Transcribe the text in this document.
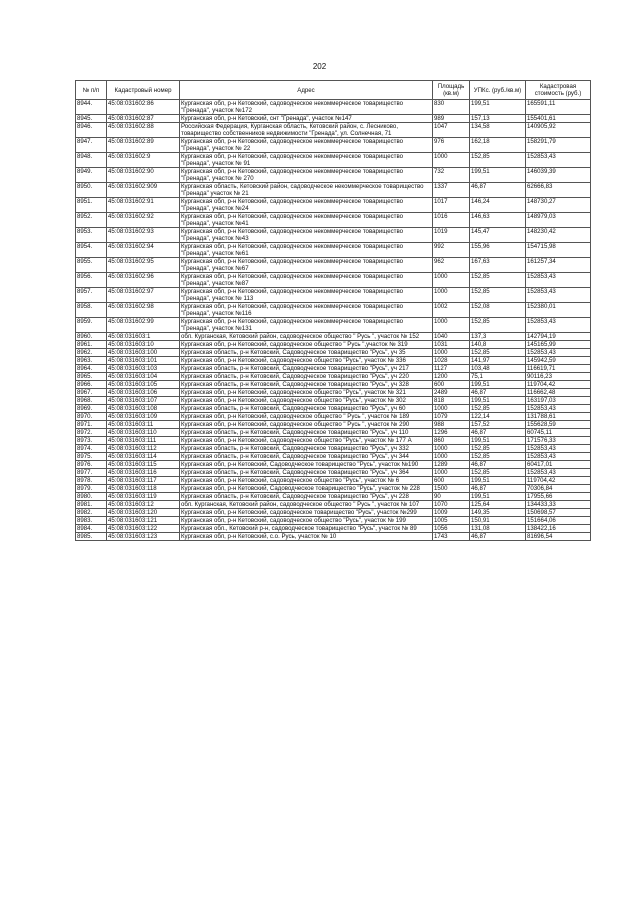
202
№ п/п	Кадастровый номер	Адрес	Площадь (кв.м)	УПКс. (руб./кв.м)	Кадастровая стоимость (руб.)
8944.	45:08:031602:86	Курганская обл, р-н Кетовский, садоводческое некоммерческое товарищество "Гренада", участок №172	830	199,51	165591,11
8945.	45:08:031602:87	Курганская обл, р-н Кетовский, снт "Гренада", участок №147	989	157,13	155401,61
8946.	45:08:031602:88	Российская Федерация, Курганская область, Кетовский район, с. Лесниково, товарищество собственников недвижимости "Гренада", ул. Солнечная, 71	1047	134,58	140905,92
8947.	45:08:031602:89	Курганская обл, р-н Кетовский, садоводческое некоммерческое товарищество "Гренада", участок № 22	976	162,18	158291,79
8948.	45:08:031602:9	Курганская обл, р-н Кетовский, садоводческое некоммерческое товарищество "Гренада", участок № 91	1000	152,85	152853,43
8949.	45:08:031602:90	Курганская обл, р-н Кетовский, садоводческое некоммерческое товарищество "Гренада", участок № 270	732	199,51	146039,39
8950.	45:08:031602:909	Курганская область, Кетовский район, садоводческое некоммерческое товарищество "Гренада" участок № 21	1337	46,87	62666,83
8951.	45:08:031602:91	Курганская обл, р-н Кетовский, садоводческое некоммерческое товарищество "Гренада", участок №24	1017	146,24	148730,27
8952.	45:08:031602:92	Курганская обл, р-н Кетовский, садоводческое некоммерческое товарищество "Гренада", участок №41	1016	146,63	148979,03
8953.	45:08:031602:93	Курганская обл, р-н Кетовский, садоводческое некоммерческое товарищество "Гренада", участок №43	1019	145,47	148230,42
8954.	45:08:031602:94	Курганская обл, р-н Кетовский, садоводческое некоммерческое товарищество "Гренада", участок №61	992	155,96	154715,98
8955.	45:08:031602:95	Курганская обл, р-н Кетовский, садоводческое некоммерческое товарищество "Гренада", участок №67	962	167,63	161257,34
8956.	45:08:031602:96	Курганская обл, р-н Кетовский, садоводческое некоммерческое товарищество "Гренада", участок №87	1000	152,85	152853,43
8957.	45:08:031602:97	Курганская обл, р-н Кетовский, садоводческое некоммерческое товарищество "Гренада", участок № 113	1000	152,85	152853,43
8958.	45:08:031602:98	Курганская обл, р-н Кетовский, садоводческое некоммерческое товарищество "Гренада", участок №116	1002	152,08	152380,01
8959.	45:08:031602:99	Курганская обл, р-н Кетовский, садоводческое некоммерческое товарищество "Гренада", участок №131	1000	152,85	152853,43
8960.	45:08:031603:1	обл. Курганская, Кетовский район, садоводческое общество " Русь ", участок № 152	1040	137,3	142794,19
8961.	45:08:031603:10	Курганская обл, р-н Кетовский, садоводческое общество " Русь ",участок № 319	1031	140,8	145165,99
8962.	45:08:031603:100	Курганская область, р-н Кетовский, Садоводческое товарищество "Русь", уч 35	1000	152,85	152853,43
8963.	45:08:031603:101	Курганская обл, р-н Кетовский, садоводческое общество "Русь", участок № 336	1028	141,97	145942,59
8964.	45:08:031603:103	Курганская область, р-н Кетовский, Садоводческое товарищество "Русь", уч 217	1127	103,48	116619,71
8965.	45:08:031603:104	Курганская область, р-н Кетовский, Садоводческое товарищество "Русь", уч 220	1200	75,1	90116,23
8966.	45:08:031603:105	Курганская область, р-н Кетовский, Садоводческое товарищество "Русь", уч 328	600	199,51	119704,42
8967.	45:08:031603:106	Курганская обл, р-н Кетовский, садоводческое общество "Русь", участок № 321	2489	46,87	116662,48
8968.	45:08:031603:107	Курганская обл, р-н Кетовский, садоводческое общество "Русь", участок № 302	818	199,51	163197,03
8969.	45:08:031603:108	Курганская область, р-н Кетовский, Садоводческое товарищество "Русь", уч 60	1000	152,85	152853,43
8970.	45:08:031603:109	Курганская обл, р-н Кетовский, садоводческое общество " Русь ", участок № 189	1079	122,14	131788,61
8971.	45:08:031603:11	Курганская обл, р-н Кетовский, садоводческое общество " Русь ", участок № 290	988	157,52	155628,59
8972.	45:08:031603:110	Курганская область, р-н Кетовский, Садоводческое товарищество "Русь", уч 110	1296	46,87	60745,11
8973.	45:08:031603:111	Курганская обл, р-н Кетовский, садоводческое общество "Русь", участок № 177 А	860	199,51	171576,33
8974.	45:08:031603:112	Курганская область, р-н Кетовский, Садоводческое товарищество "Русь", уч 332	1000	152,85	152853,43
8975.	45:08:031603:114	Курганская область, р-н Кетовский, Садоводческое товарищество "Русь", уч 344	1000	152,85	152853,43
8976.	45:08:031603:115	Курганская обл, р-н Кетовский, Садоводческое товарищество "Русь", участок №190	1289	46,87	60417,01
8977.	45:08:031603:116	Курганская область, р-н Кетовский, Садоводческое товарищество "Русь", уч 364	1000	152,85	152853,43
8978.	45:08:031603:117	Курганская обл, р-н Кетовский, садоводческое общество "Русь", участок № 6	600	199,51	119704,42
8979.	45:08:031603:118	Курганская обл, р-н Кетовский, Садоводческое товарищество "Русь", участок № 228	1500	46,87	70306,84
8980.	45:08:031603:119	Курганская область, р-н Кетовский, Садоводческое товарищество "Русь", уч 228	90	199,51	17955,66
8981.	45:08:031603:12	обл. Курганская, Кетовский район, садоводческое общество " Русь ", участок № 107	1070	125,64	134433,33
8982.	45:08:031603:120	Курганская обл, р-н Кетовский, садоводческое товарищество "Русь", участок №299	1009	149,35	150698,57
8983.	45:08:031603:121	Курганская обл, р-н Кетовский, садоводческое общество "Русь", участок № 199	1005	150,91	151664,06
8984.	45:08:031603:122	Курганская обл., Кетовский р-н, садоводческое товарищество "Русь", участок № 89	1056	131,08	138422,16
8985.	45:08:031603:123	Курганская обл, р-н Кетовский, с.о. Русь, участок № 10	1743	46,87	81696,54
